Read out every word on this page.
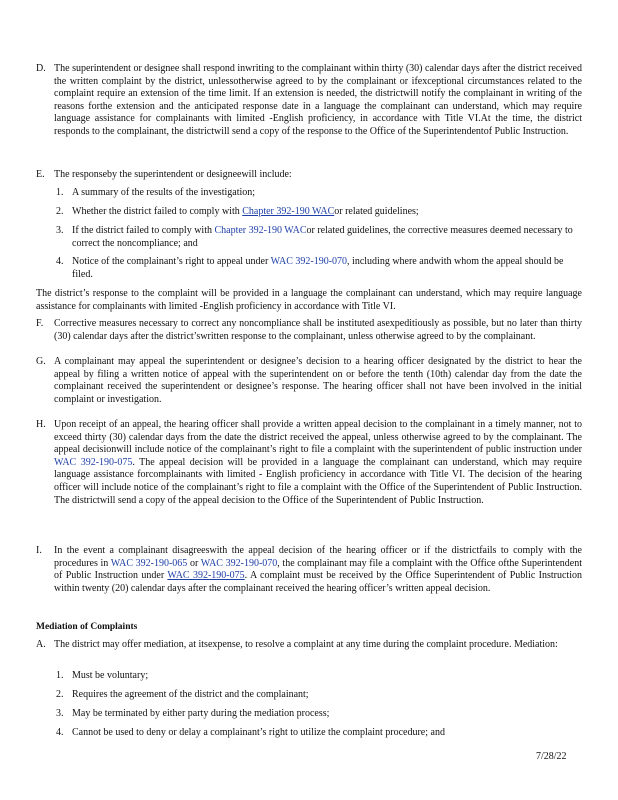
D. The superintendent or designee shall respond inwriting to the complainant within thirty (30) calendar days after the district received the written complaint by the district, unlessotherwise agreed to by the complainant or ifexceptional circumstances related to the complaint require an extension of the time limit. If an extension is needed, the districtwill notify the complainant in writing of the reasons forthe extension and the anticipated response date in a language the complainant can understand, which may require language assistance for complainants with limited -English proficiency, in accordance with Title VI.At the time, the district responds to the complainant, the districtwill send a copy of the response to the Office of the Superintendentof Public Instruction.
E. The responseby the superintendent or designeewill include:
1. A summary of the results of the investigation;
2. Whether the district failed to comply with Chapter 392-190 WACor related guidelines;
3. If the district failed to comply with Chapter 392-190 WACor related guidelines, the corrective measures deemed necessary to correct the noncompliance; and
4. Notice of the complainant’s right to appeal under WAC 392-190-070, including where andwith whom the appeal should be filed.
The district’s response to the complaint will be provided in a language the complainant can understand, which may require language assistance for complainants with limited -English proficiency in accordance with Title VI.
F. Corrective measures necessary to correct any noncompliance shall be instituted asexpeditiously as possible, but no later than thirty (30) calendar days after the district’swritten response to the complainant, unless otherwise agreed to by the complainant.
G. A complainant may appeal the superintendent or designee’s decision to a hearing officer designated by the district to hear the appeal by filing a written notice of appeal with the superintendent on or before the tenth (10th) calendar day from the date the complainant received the superintendent or designee’s response. The hearing officer shall not have been involved in the initial complaint or investigation.
H. Upon receipt of an appeal, the hearing officer shall provide a written appeal decision to the complainant in a timely manner, not to exceed thirty (30) calendar days from the date the district received the appeal, unless otherwise agreed to by the complainant. The appeal decisionwill include notice of the complainant’s right to file a complaint with the superintendent of public instruction under WAC 392-190-075. The appeal decision will be provided in a language the complainant can understand, which may require language assistance forcomplainants with limited - English proficiency in accordance with Title VI. The decision of the hearing officer will include notice of the complainant’s right to file a complaint with the Office of the Superintendent of Public Instruction. The districtwill send a copy of the appeal decision to the Office of the Superintendent of Public Instruction.
I. In the event a complainant disagreeswith the appeal decision of the hearing officer or if the districtfails to comply with the procedures in WAC 392-190-065 or WAC 392-190-070, the complainant may file a complaint with the Office ofthe Superintendent of Public Instruction under WAC 392-190-075. A complaint must be received by the Office Superintendent of Public Instruction within twenty (20) calendar days after the complainant received the hearing officer’s written appeal decision.
Mediation of Complaints
A. The district may offer mediation, at itsexpense, to resolve a complaint at any time during the complaint procedure. Mediation:
1. Must be voluntary;
2. Requires the agreement of the district and the complainant;
3. May be terminated by either party during the mediation process;
4. Cannot be used to deny or delay a complainant’s right to utilize the complaint procedure; and
7/28/22
